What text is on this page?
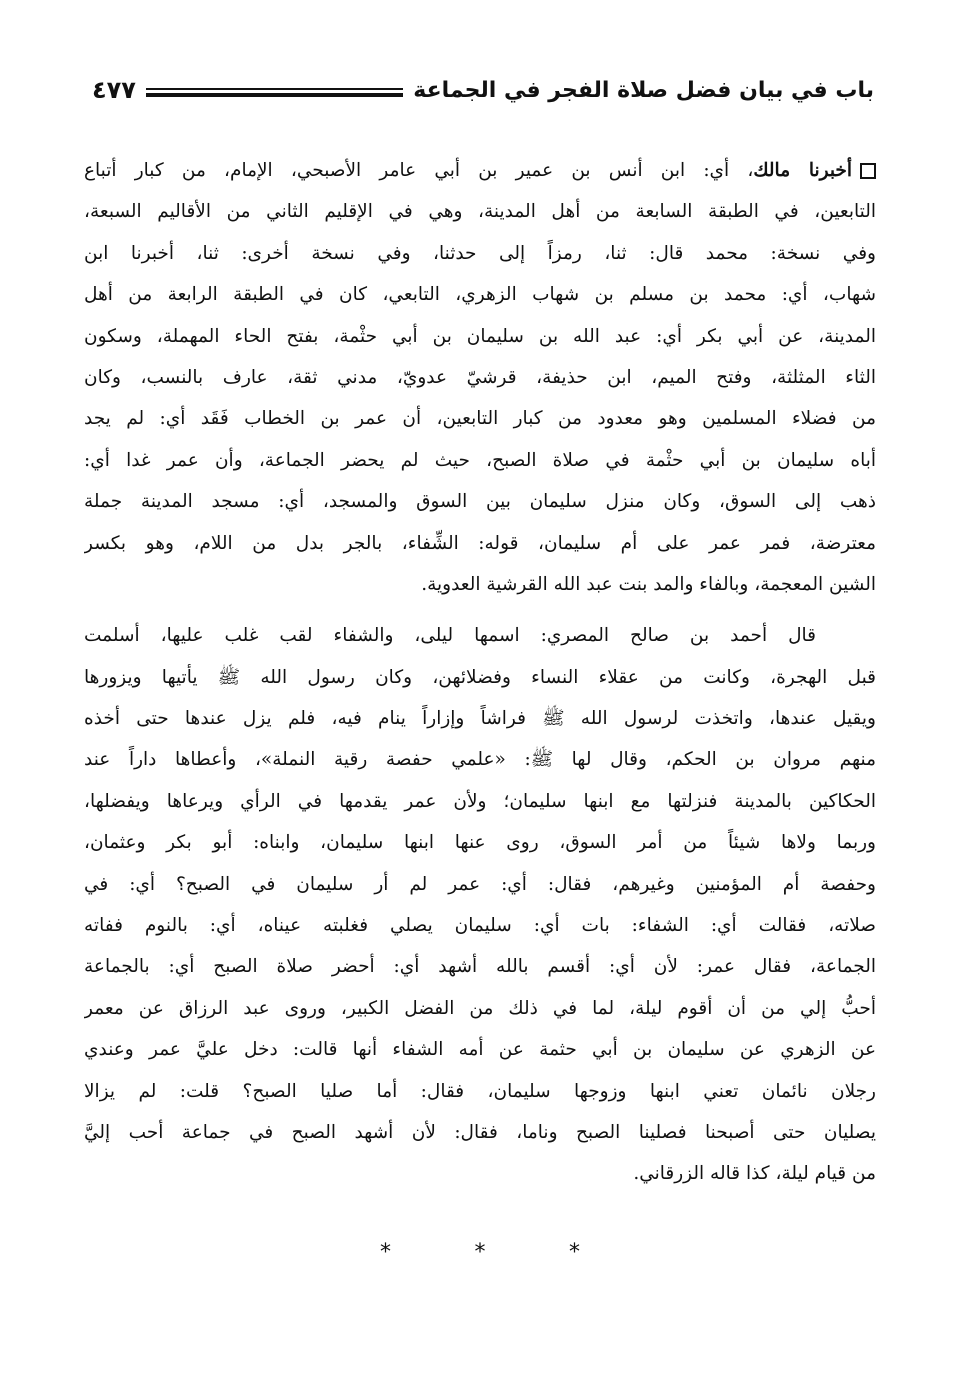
باب في بيان فضل صلاة الفجر في الجماعة
٤٧٧
أخبرنا مالك، أي: ابن أنس بن عمير بن أبي عامر الأصبحي، الإمام، من كبار أتباع
التابعين، في الطبقة السابعة من أهل المدينة، وهي في الإقليم الثاني من الأقاليم السبعة،
وفي نسخة: محمد قال: ثنا، رمزاً إلى حدثنا، وفي نسخة أخرى: ثنا، أخبرنا ابن
شهاب، أي: محمد بن مسلم بن شهاب الزهري، التابعي، كان في الطبقة الرابعة من أهل
المدينة، عن أبي بكر أي: عبد الله بن سليمان بن أبي حثْمة، بفتح الحاء المهملة، وسكون
الثاء المثلثة، وفتح الميم، ابن حذيفة، قرشيّ عدويّ، مدني ثقة، عارف بالنسب، وكان
من فضلاء المسلمين وهو معدود من كبار التابعين، أن عمر بن الخطاب فَقَد أي: لم يجد
أباه سليمان بن أبي حثْمة في صلاة الصبح، حيث لم يحضر الجماعة، وأن عمر غدا أي:
ذهب إلى السوق، وكان منزل سليمان بين السوق والمسجد، أي: مسجد المدينة جملة
معترضة، فمر عمر على أم سليمان، قوله: الشِّفاء، بالجر بدل من اللام، وهو بكسر
الشين المعجمة، وبالفاء والمد بنت عبد الله القرشية العدوية.
قال أحمد بن صالح المصري: اسمها ليلى، والشفاء لقب غلب عليها، أسلمت
قبل الهجرة، وكانت من عقلاء النساء وفضلائهن، وكان رسول الله ﷺ يأتيها ويزورها
ويقيل عندها، واتخذت لرسول الله ﷺ فراشاً وإزاراً ينام فيه، فلم يزل عندها حتى أخذه
منهم مروان بن الحكم، وقال لها ﷺ: «علمي حفصة رقية النملة»، وأعطاها داراً عند
الحكاكين بالمدينة فنزلتها مع ابنها سليمان؛ ولأن عمر يقدمها في الرأي ويرعاها ويفضلها،
وربما ولاها شيئاً من أمر السوق، روى عنها ابنها سليمان، وابناه: أبو بكر وعثمان،
وحفصة أم المؤمنين وغيرهم، فقال: أي: عمر لم أر سليمان في الصبح؟ أي: في
صلاته، فقالت أي: الشفاء: بات أي: سليمان يصلي فغلبته عيناه، أي: بالنوم ففاته
الجماعة، فقال عمر: لأن أي: أقسم بالله أشهد أي: أحضر صلاة الصبح أي: بالجماعة
أحبُّ إلي من أن أقوم ليلة، لما في ذلك من الفضل الكبير، وروى عبد الرزاق عن معمر
عن الزهري عن سليمان بن أبي حثمة عن أمه الشفاء أنها قالت: دخل عليَّ عمر وعندي
رجلان نائمان تعني ابنها وزوجها سليمان، فقال: أما صليا الصبح؟ قلت: لم يزالا
يصليان حتى أصبحنا فصلينا الصبح وناما، فقال: لأن أشهد الصبح في جماعة أحب إليَّ
من قيام ليلة، كذا قاله الزرقاني.
*
*
*
